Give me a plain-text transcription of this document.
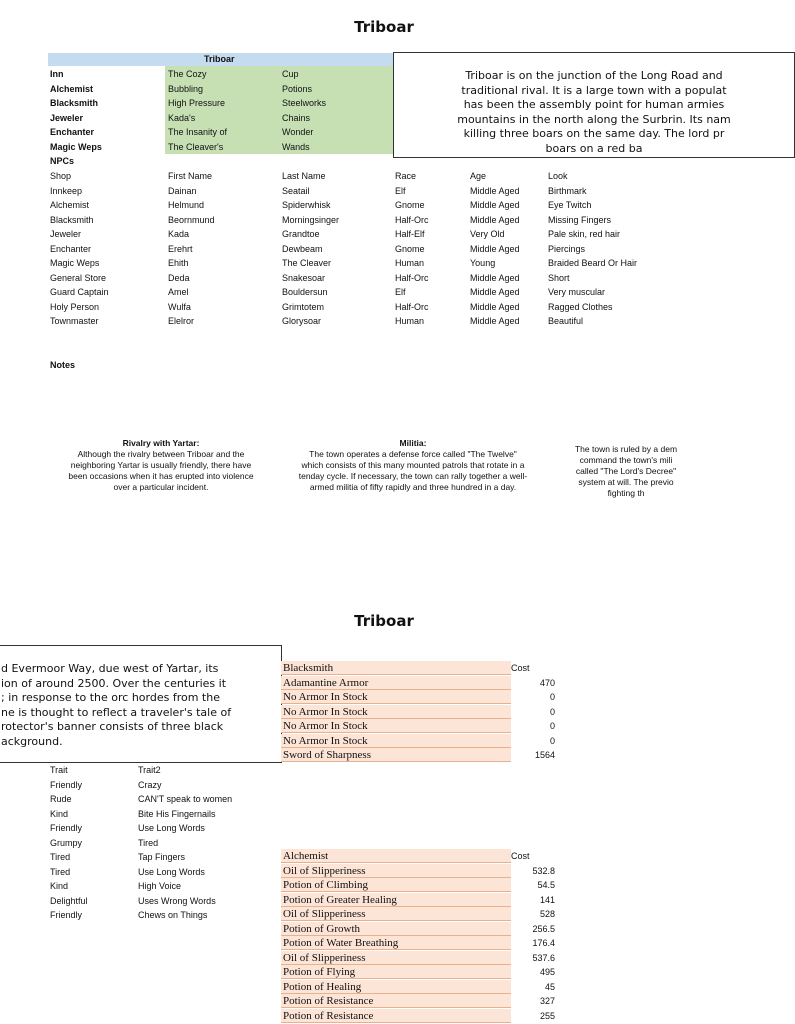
Triboar
Triboar
Inn	The Cozy	Cup
Alchemist	Bubbling	Potions
Blacksmith	High Pressure	Steelworks
Jeweler	Kada's	Chains
Enchanter	The Insanity of	Wonder
Magic Weps	The Cleaver's	Wands
NPCs
Shop	First Name	Last Name	Race	Age	Look
Innkeep	Dainan	Seatail	Elf	Middle Aged	Birthmark
Alchemist	Helmund	Spiderwhisk	Gnome	Middle Aged	Eye Twitch
Blacksmith	Beornmund	Morningsinger	Half-Orc	Middle Aged	Missing Fingers
Jeweler	Kada	Grandtoe	Half-Elf	Very Old	Pale skin, red hair
Enchanter	Erehrt	Dewbeam	Gnome	Middle Aged	Piercings
Magic Weps	Ehith	The Cleaver	Human	Young	Braided Beard Or Hair
General Store	Deda	Snakesoar	Half-Orc	Middle Aged	Short
Guard Captain	Amel	Bouldersun	Elf	Middle Aged	Very muscular
Holy Person	Wulfa	Grimtotem	Half-Orc	Middle Aged	Ragged Clothes
Townmaster	Elelror	Glorysoar	Human	Middle Aged	Beautiful
Triboar is on the junction of the Long Road and
traditional rival. It is a large town with a populat
has been the assembly point for human armies
mountains in the north along the Surbrin. Its nam
killing three boars on the same day. The lord pr
boars on a red ba
Notes
Rivalry with Yartar:
Although the rivalry between Triboar and the
neighboring Yartar is usually friendly, there have
been occasions when it has erupted into violence
over a particular incident.
Militia:
The town operates a defense force called "The Twelve"
which consists of this many mounted patrols that rotate in a
tenday cycle. If necessary, the town can rally together a well-
armed militia of fifty rapidly and three hundred in a day.
The town is ruled by a dem
command the town's mili
called "The Lord's Decree"
system at will. The previo
fighting th
Triboar
d Evermoor Way, due west of Yartar, its
ion of around 2500. Over the centuries it
; in response to the orc hordes from the
ne is thought to reflect a traveler's tale of
rotector's banner consists of three black
ackground.
Trait	Trait2
Friendly	Crazy
Rude	CAN'T speak to women
Kind	Bite His Fingernails
Friendly	Use Long Words
Grumpy	Tired
Tired	Tap Fingers
Tired	Use Long Words
Kind	High Voice
Delightful	Uses Wrong Words
Friendly	Chews on Things
Blacksmith	Cost
Adamantine Armor	470
No Armor In Stock	0
No Armor In Stock	0
No Armor In Stock	0
No Armor In Stock	0
Sword of Sharpness	1564
Alchemist	Cost
Oil of Slipperiness	532.8
Potion of Climbing	54.5
Potion of Greater Healing	141
Oil of Slipperiness	528
Potion of Growth	256.5
Potion of Water Breathing	176.4
Oil of Slipperiness	537.6
Potion of Flying	495
Potion of Healing	45
Potion of Resistance	327
Potion of Resistance	255
